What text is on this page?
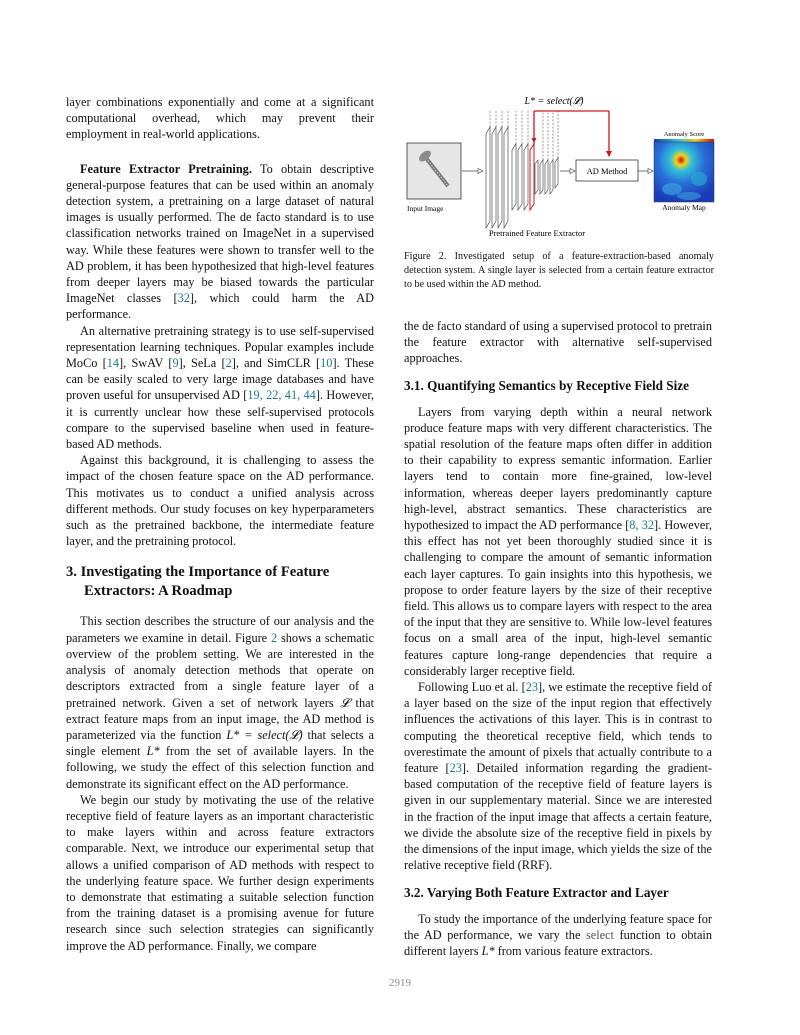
layer combinations exponentially and come at a significant computational overhead, which may prevent their employment in real-world applications.

Feature Extractor Pretraining. To obtain descriptive general-purpose features that can be used within an anomaly detection system, a pretraining on a large dataset of natural images is usually performed. The de facto standard is to use classification networks trained on ImageNet in a supervised way. While these features were shown to transfer well to the AD problem, it has been hypothesized that high-level features from deeper layers may be biased towards the particular ImageNet classes [32], which could harm the AD performance.

An alternative pretraining strategy is to use self-supervised representation learning techniques. Popular examples include MoCo [14], SwAV [9], SeLa [2], and SimCLR [10]. These can be easily scaled to very large image databases and have proven useful for unsupervised AD [19, 22, 41, 44]. However, it is currently unclear how these self-supervised protocols compare to the supervised baseline when used in feature-based AD methods.

Against this background, it is challenging to assess the impact of the chosen feature space on the AD performance. This motivates us to conduct a unified analysis across different methods. Our study focuses on key hyperparameters such as the pretrained backbone, the intermediate feature layer, and the pretraining protocol.

3. Investigating the Importance of Feature Extractors: A Roadmap

This section describes the structure of our analysis and the parameters we examine in detail. Figure 2 shows a schematic overview of the problem setting. We are interested in the analysis of anomaly detection methods that operate on descriptors extracted from a single feature layer of a pretrained network. Given a set of network layers 𝓛 that extract feature maps from an input image, the AD method is parameterized via the function L* = select(𝓛) that selects a single element L* from the set of available layers. In the following, we study the effect of this selection function and demonstrate its significant effect on the AD performance.

We begin our study by motivating the use of the relative receptive field of feature layers as an important characteristic to make layers within and across feature extractors comparable. Next, we introduce our experimental setup that allows a unified comparison of AD methods with respect to the underlying feature space. We further design experiments to demonstrate that estimating a suitable selection function from the training dataset is a promising avenue for future research since such selection strategies can significantly improve the AD performance. Finally, we compare

L* = select(𝓛)
Input Image
AD Method
Anomaly Score
Anomaly Map
Pretrained Feature Extractor
Figure 2. Investigated setup of a feature-extraction-based anomaly detection system. A single layer is selected from a certain feature extractor to be used within the AD method.

the de facto standard of using a supervised protocol to pretrain the feature extractor with alternative self-supervised approaches.

3.1. Quantifying Semantics by Receptive Field Size

Layers from varying depth within a neural network produce feature maps with very different characteristics. The spatial resolution of the feature maps often differ in addition to their capability to express semantic information. Earlier layers tend to contain more fine-grained, low-level information, whereas deeper layers predominantly capture high-level, abstract semantics. These characteristics are hypothesized to impact the AD performance [8, 32]. However, this effect has not yet been thoroughly studied since it is challenging to compare the amount of semantic information each layer captures. To gain insights into this hypothesis, we propose to order feature layers by the size of their receptive field. This allows us to compare layers with respect to the area of the input that they are sensitive to. While low-level features focus on a small area of the input, high-level semantic features capture long-range dependencies that require a considerably larger receptive field.

Following Luo et al. [23], we estimate the receptive field of a layer based on the size of the input region that effectively influences the activations of this layer. This is in contrast to computing the theoretical receptive field, which tends to overestimate the amount of pixels that actually contribute to a feature [23]. Detailed information regarding the gradient-based computation of the receptive field of feature layers is given in our supplementary material. Since we are interested in the fraction of the input image that affects a certain feature, we divide the absolute size of the receptive field in pixels by the dimensions of the input image, which yields the size of the relative receptive field (RRF).

3.2. Varying Both Feature Extractor and Layer

To study the importance of the underlying feature space for the AD performance, we vary the select function to obtain different layers L* from various feature extractors.

2919
